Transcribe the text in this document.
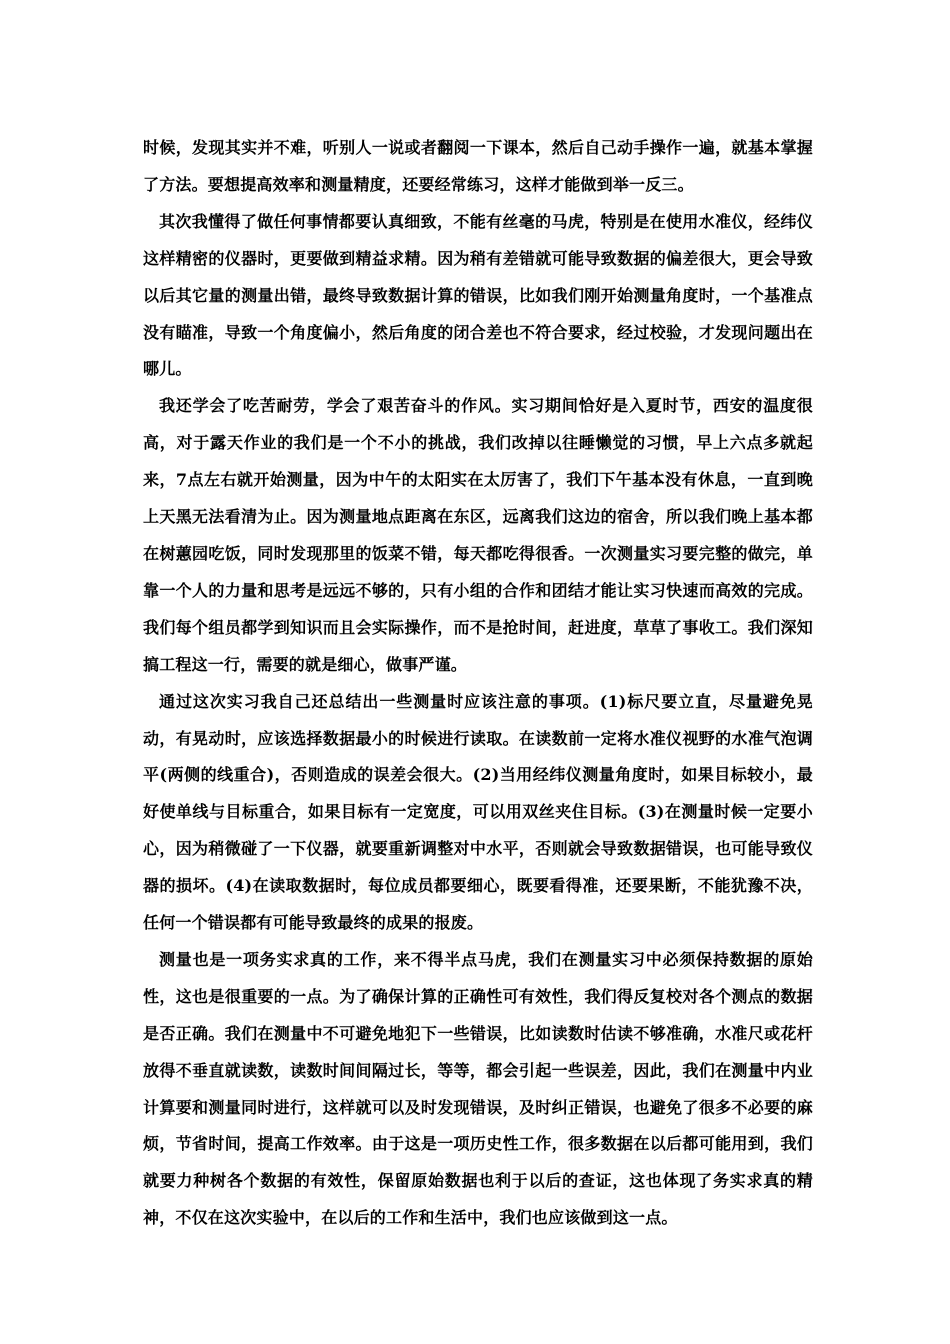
时候，发现其实并不难，听别人一说或者翻阅一下课本，然后自己动手操作一遍，就基本掌握了方法。要想提高效率和测量精度，还要经常练习，这样才能做到举一反三。

其次我懂得了做任何事情都要认真细致，不能有丝毫的马虎，特别是在使用水准仪，经纬仪这样精密的仪器时，更要做到精益求精。因为稍有差错就可能导致数据的偏差很大，更会导致以后其它量的测量出错，最终导致数据计算的错误，比如我们刚开始测量角度时，一个基准点没有瞄准，导致一个角度偏小，然后角度的闭合差也不符合要求，经过校验，才发现问题出在哪儿。

我还学会了吃苦耐劳，学会了艰苦奋斗的作风。实习期间恰好是入夏时节，西安的温度很高，对于露天作业的我们是一个不小的挑战，我们改掉以往睡懒觉的习惯，早上六点多就起来，7点左右就开始测量，因为中午的太阳实在太厉害了，我们下午基本没有休息，一直到晚上天黑无法看清为止。因为测量地点距离在东区，远离我们这边的宿舍，所以我们晚上基本都在树蕙园吃饭，同时发现那里的饭菜不错，每天都吃得很香。一次测量实习要完整的做完，单靠一个人的力量和思考是远远不够的，只有小组的合作和团结才能让实习快速而高效的完成。我们每个组员都学到知识而且会实际操作，而不是抢时间，赶进度，草草了事收工。我们深知搞工程这一行，需要的就是细心，做事严谨。

通过这次实习我自己还总结出一些测量时应该注意的事项。(1)标尺要立直，尽量避免晃动，有晃动时，应该选择数据最小的时候进行读取。在读数前一定将水准仪视野的水准气泡调平(两侧的线重合)，否则造成的误差会很大。(2)当用经纬仪测量角度时，如果目标较小，最好使单线与目标重合，如果目标有一定宽度，可以用双丝夹住目标。(3)在测量时候一定要小心，因为稍微碰了一下仪器，就要重新调整对中水平，否则就会导致数据错误，也可能导致仪器的损坏。(4)在读取数据时，每位成员都要细心，既要看得准，还要果断，不能犹豫不决，任何一个错误都有可能导致最终的成果的报废。

测量也是一项务实求真的工作，来不得半点马虎，我们在测量实习中必须保持数据的原始性，这也是很重要的一点。为了确保计算的正确性可有效性，我们得反复校对各个测点的数据是否正确。我们在测量中不可避免地犯下一些错误，比如读数时估读不够准确，水准尺或花杆放得不垂直就读数，读数时间间隔过长，等等，都会引起一些误差，因此，我们在测量中内业计算要和测量同时进行，这样就可以及时发现错误，及时纠正错误，也避免了很多不必要的麻烦，节省时间，提高工作效率。由于这是一项历史性工作，很多数据在以后都可能用到，我们就要力种树各个数据的有效性，保留原始数据也利于以后的查证，这也体现了务实求真的精神，不仅在这次实验中，在以后的工作和生活中，我们也应该做到这一点。
